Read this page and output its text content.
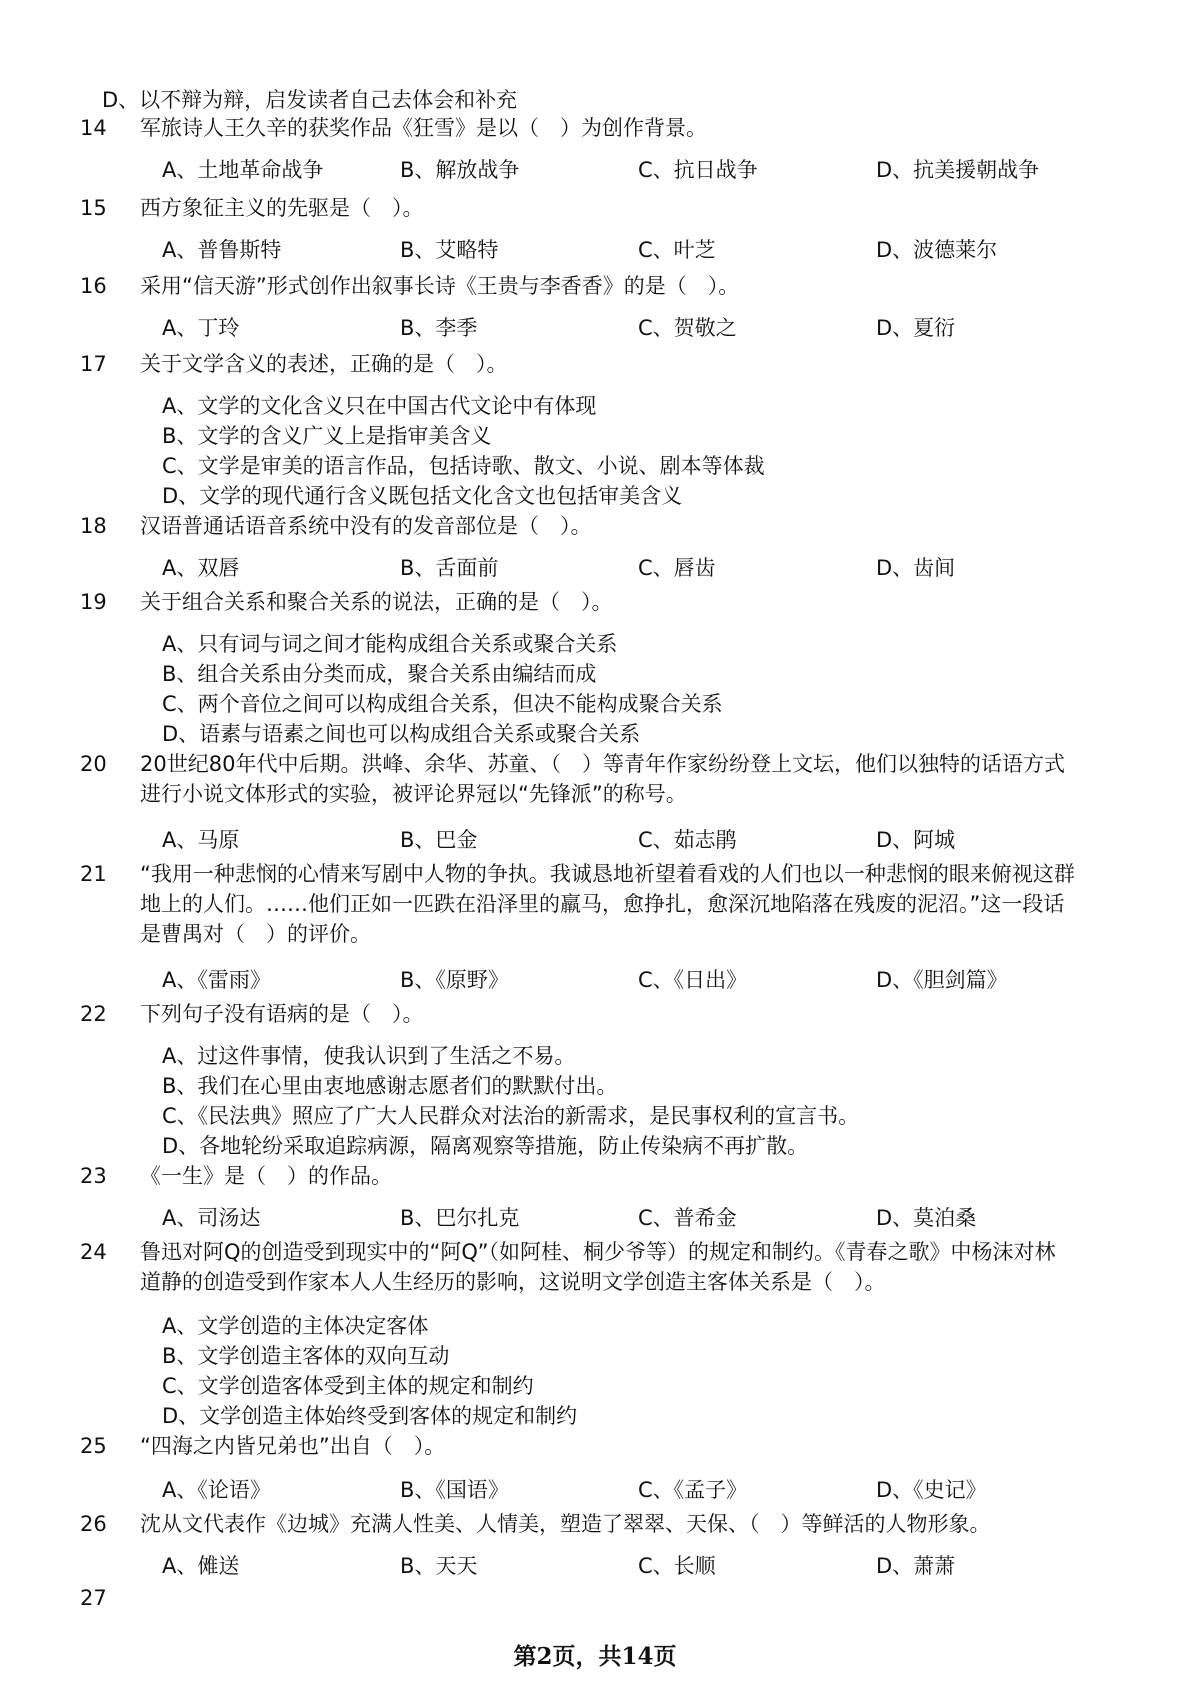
D、以不辩为辩，启发读者自己去体会和补充
14 军旅诗人王久辛的获奖作品《狂雪》是以（　）为创作背景。
A、土地革命战争	B、解放战争	C、抗日战争	D、抗美援朝战争
15 西方象征主义的先驱是（　）。
A、普鲁斯特	B、艾略特	C、叶芝	D、波德莱尔
16 采用“信天游”形式创作出叙事长诗《王贵与李香香》的是（　）。
A、丁玲	B、李季	C、贺敬之	D、夏衍
17 关于文学含义的表述，正确的是（　）。
A、文学的文化含义只在中国古代文论中有体现
B、文学的含义广义上是指审美含义
C、文学是审美的语言作品，包括诗歌、散文、小说、剧本等体裁
D、文学的现代通行含义既包括文化含文也包括审美含义
18 汉语普通话语音系统中没有的发音部位是（　）。
A、双唇	B、舌面前	C、唇齿	D、齿间
19 关于组合关系和聚合关系的说法，正确的是（　）。
A、只有词与词之间才能构成组合关系或聚合关系
B、组合关系由分类而成，聚合关系由编结而成
C、两个音位之间可以构成组合关系，但决不能构成聚合关系
D、语素与语素之间也可以构成组合关系或聚合关系
20 20世纪80年代中后期。洪峰、余华、苏童、（　）等青年作家纷纷登上文坛，他们以独特的话语方式
进行小说文体形式的实验，被评论界冠以“先锋派”的称号。
A、马原	B、巴金	C、茹志鹃	D、阿城
21 “我用一种悲悯的心情来写剧中人物的争执。我诚恳地祈望着看戏的人们也以一种悲悯的眼来俯视这群
地上的人们。……他们正如一匹跌在沿泽里的羸马，愈挣扎，愈深沉地陷落在残废的泥沼。”这一段话
是曹禺对（　）的评价。
A、《雷雨》	B、《原野》	C、《日出》	D、《胆剑篇》
22 下列句子没有语病的是（　）。
A、过这件事情，使我认识到了生活之不易。
B、我们在心里由衷地感谢志愿者们的默默付出。
C、《民法典》照应了广大人民群众对法治的新需求，是民事权利的宣言书。
D、各地轮纷采取追踪病源，隔离观察等措施，防止传染病不再扩散。
23 《一生》是（　）的作品。
A、司汤达	B、巴尔扎克	C、普希金	D、莫泊桑
24 鲁迅对阿Q的创造受到现实中的“阿Q”（如阿桂、桐少爷等）的规定和制约。《青春之歌》中杨沫对林
道静的创造受到作家本人人生经历的影响，这说明文学创造主客体关系是（　）。
A、文学创造的主体决定客体
B、文学创造主客体的双向互动
C、文学创造客体受到主体的规定和制约
D、文学创造主体始终受到客体的规定和制约
25 “四海之内皆兄弟也”出自（　）。
A、《论语》	B、《国语》	C、《孟子》	D、《史记》
26 沈从文代表作《边城》充满人性美、人情美，塑造了翠翠、天保、（　）等鲜活的人物形象。
A、傩送	B、天天	C、长顺	D、萧萧
27
第2页，共14页
